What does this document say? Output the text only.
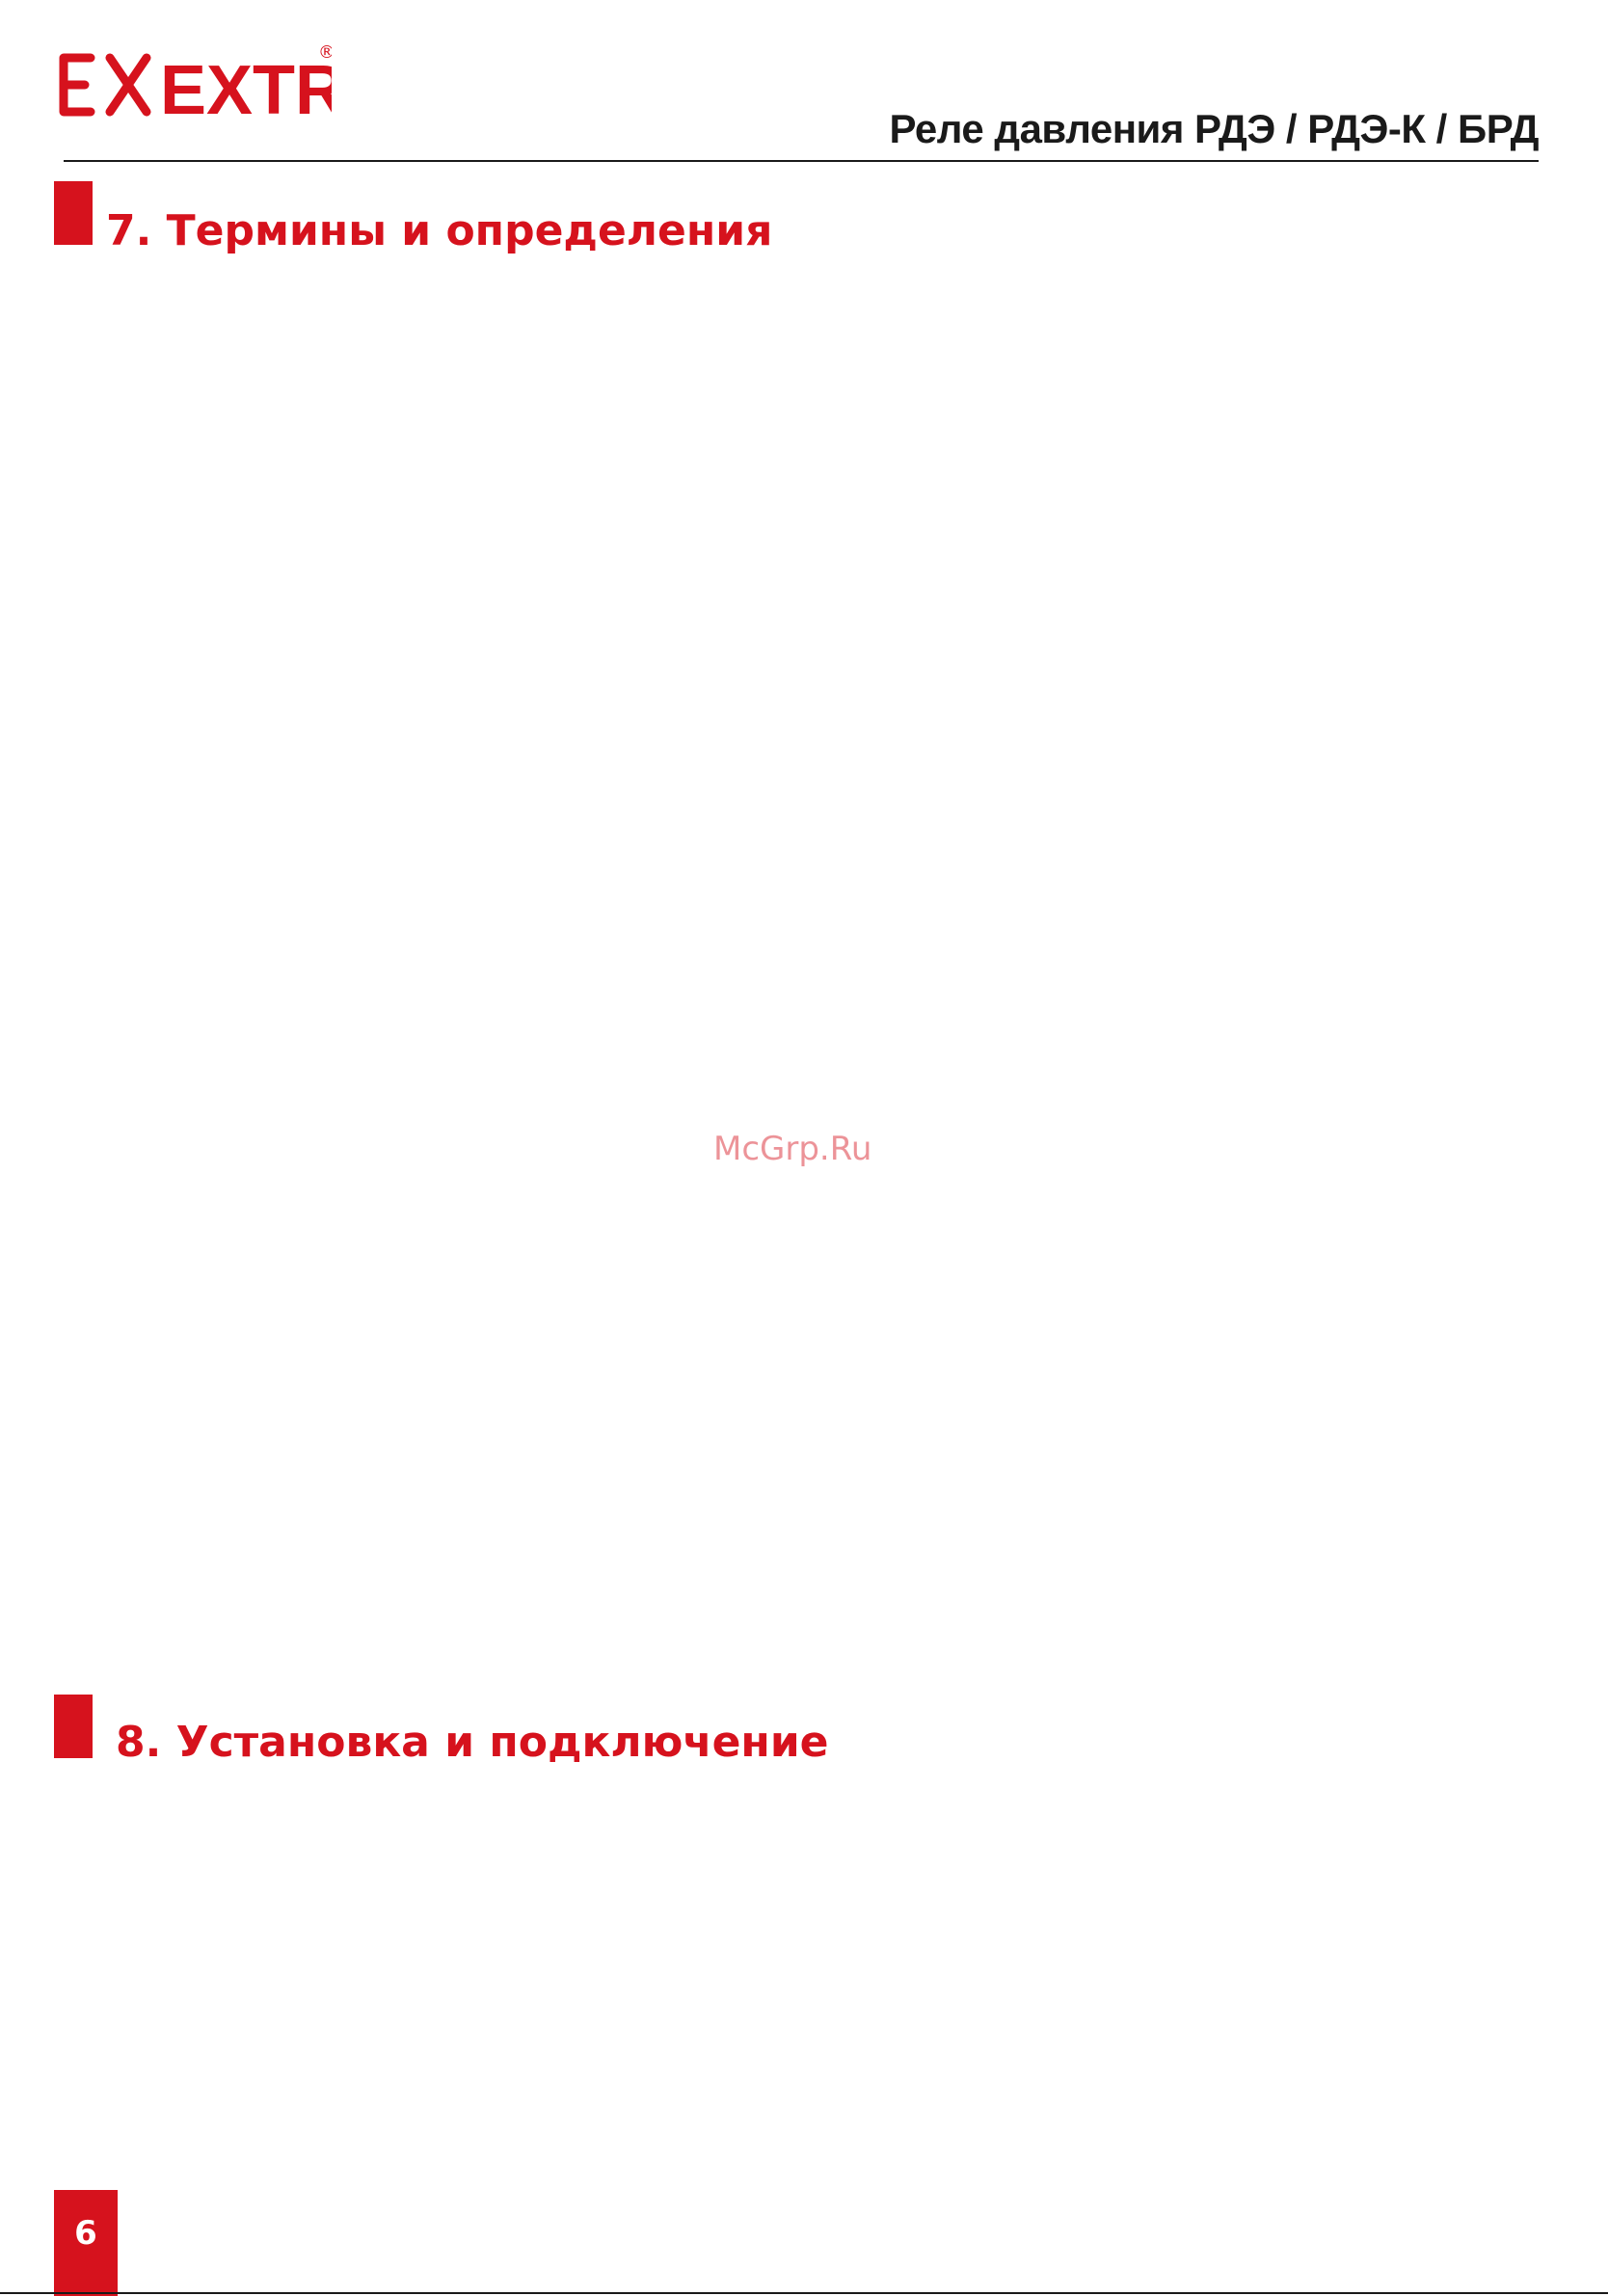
EXTR
®
Реле давления РДЭ / РДЭ-К / БРД
7. Термины и определения
McGrp.Ru
8. Установка и подключение
6
